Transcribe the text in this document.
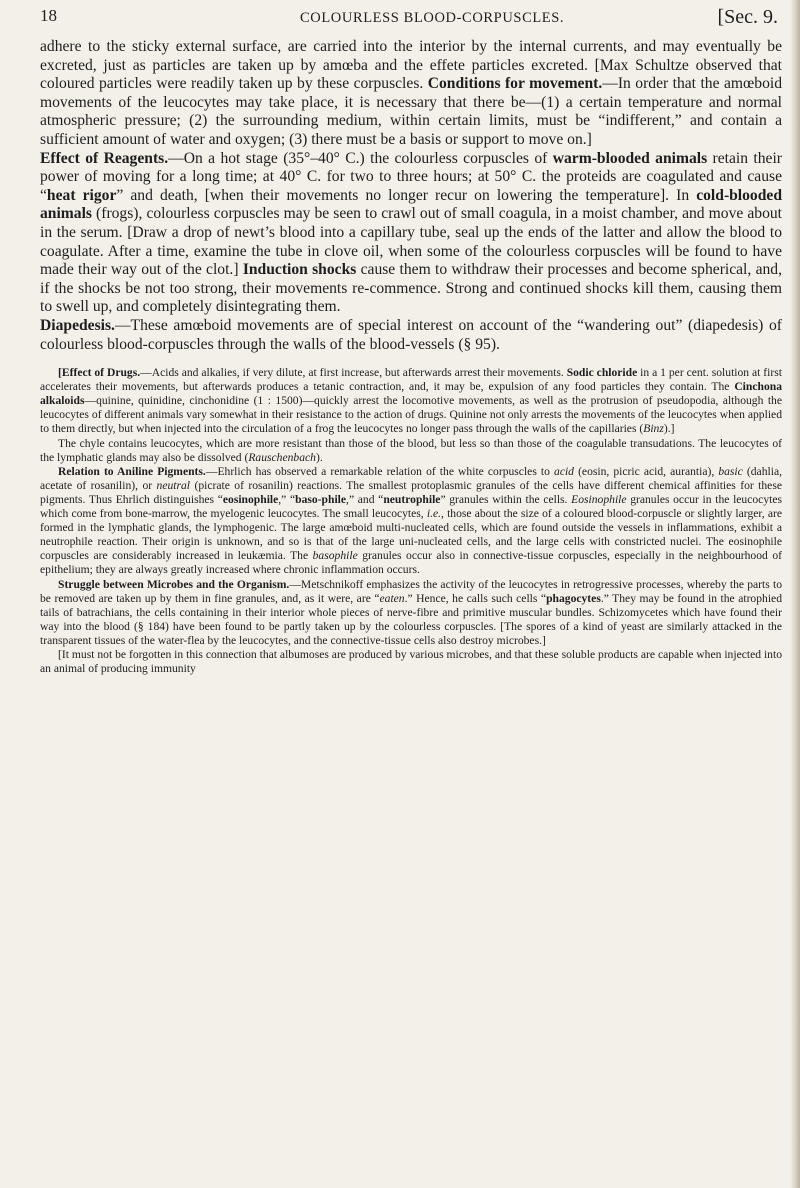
18	COLOURLESS BLOOD-CORPUSCLES.	[Sec. 9.

adhere to the sticky external surface, are carried into the interior by the internal currents, and may eventually be excreted, just as particles are taken up by amœba and the effete particles excreted. [Max Schultze observed that coloured particles were readily taken up by these corpuscles. Conditions for movement.—In order that the amœboid movements of the leucocytes may take place, it is necessary that there be—(1) a certain temperature and normal atmospheric pressure; (2) the surrounding medium, within certain limits, must be “indifferent,” and contain a sufficient amount of water and oxygen; (3) there must be a basis or support to move on.]

Effect of Reagents.—On a hot stage (35°–40° C.) the colourless corpuscles of warm-blooded animals retain their power of moving for a long time; at 40° C. for two to three hours; at 50° C. the proteids are coagulated and cause “heat rigor” and death, [when their movements no longer recur on lowering the temperature]. In cold-blooded animals (frogs), colourless corpuscles may be seen to crawl out of small coagula, in a moist chamber, and move about in the serum. [Draw a drop of newt’s blood into a capillary tube, seal up the ends of the latter and allow the blood to coagulate. After a time, examine the tube in clove oil, when some of the colourless corpuscles will be found to have made their way out of the clot.] Induction shocks cause them to withdraw their processes and become spherical, and, if the shocks be not too strong, their movements re-commence. Strong and continued shocks kill them, causing them to swell up, and completely disintegrating them.

Diapedesis.—These amœboid movements are of special interest on account of the “wandering out” (diapedesis) of colourless blood-corpuscles through the walls of the blood-vessels (§ 95).

[Effect of Drugs.—Acids and alkalies, if very dilute, at first increase, but afterwards arrest their movements. Sodic chloride in a 1 per cent. solution at first accelerates their movements, but afterwards produces a tetanic contraction, and, it may be, expulsion of any food particles they contain. The Cinchona alkaloids—quinine, quinidine, cinchonidine (1 : 1500)—quickly arrest the locomotive movements, as well as the protrusion of pseudopodia, although the leucocytes of different animals vary somewhat in their resistance to the action of drugs. Quinine not only arrests the movements of the leucocytes when applied to them directly, but when injected into the circulation of a frog the leucocytes no longer pass through the walls of the capillaries (Binz).]

The chyle contains leucocytes, which are more resistant than those of the blood, but less so than those of the coagulable transudations. The leucocytes of the lymphatic glands may also be dissolved (Rauschenbach).

Relation to Aniline Pigments.—Ehrlich has observed a remarkable relation of the white corpuscles to acid (eosin, picric acid, aurantia), basic (dahlia, acetate of rosanilin), or neutral (picrate of rosanilin) reactions. The smallest protoplasmic granules of the cells have different chemical affinities for these pigments. Thus Ehrlich distinguishes “eosinophile,” “baso-phile,” and “neutrophile” granules within the cells. Eosinophile granules occur in the leucocytes which come from bone-marrow, the myelogenic leucocytes. The small leucocytes, i.e., those about the size of a coloured blood-corpuscle or slightly larger, are formed in the lymphatic glands, the lymphogenic. The large amœboid multi-nucleated cells, which are found outside the vessels in inflammations, exhibit a neutrophile reaction. Their origin is unknown, and so is that of the large uni-nucleated cells, and the large cells with constricted nuclei. The eosinophile corpuscles are considerably increased in leukæmia. The basophile granules occur also in connective-tissue corpuscles, especially in the neighbourhood of epithelium; they are always greatly increased where chronic inflammation occurs.

Struggle between Microbes and the Organism.—Metschnikoff emphasizes the activity of the leucocytes in retrogressive processes, whereby the parts to be removed are taken up by them in fine granules, and, as it were, are “eaten.” Hence, he calls such cells “phagocytes.” They may be found in the atrophied tails of batrachians, the cells containing in their interior whole pieces of nerve-fibre and primitive muscular bundles. Schizomycetes which have found their way into the blood (§ 184) have been found to be partly taken up by the colourless corpuscles. [The spores of a kind of yeast are similarly attacked in the transparent tissues of the water-flea by the leucocytes, and the connective-tissue cells also destroy microbes.]

[It must not be forgotten in this connection that albumoses are produced by various microbes, and that these soluble products are capable when injected into an animal of producing immunity
